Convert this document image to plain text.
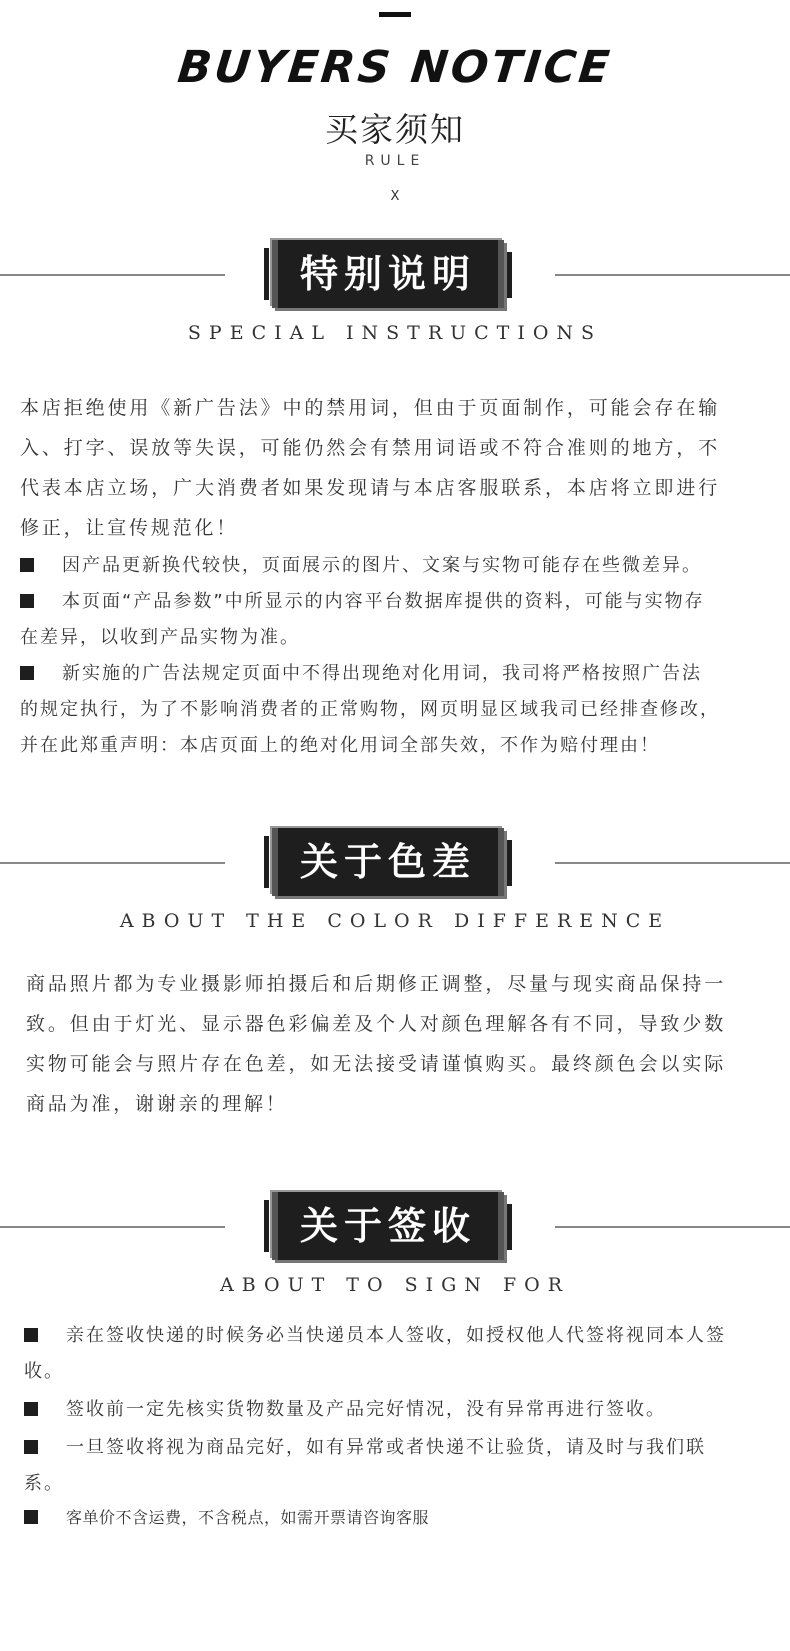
BUYERS NOTICE
买家须知
RULE
X
特别说明
SPECIAL INSTRUCTIONS

本店拒绝使用《新广告法》中的禁用词，但由于页面制作，可能会存在输入、打字、误放等失误，可能仍然会有禁用词语或不符合准则的地方，不代表本店立场，广大消费者如果发现请与本店客服联系，本店将立即进行修正，让宣传规范化！

因产品更新换代较快，页面展示的图片、文案与实物可能存在些微差异。
本页面“产品参数”中所显示的内容平台数据库提供的资料，可能与实物存在差异，以收到产品实物为准。
新实施的广告法规定页面中不得出现绝对化用词，我司将严格按照广告法的规定执行，为了不影响消费者的正常购物，网页明显区域我司已经排查修改，并在此郑重声明：本店页面上的绝对化用词全部失效，不作为赔付理由！
关于色差
ABOUT THE COLOR DIFFERENCE

商品照片都为专业摄影师拍摄后和后期修正调整，尽量与现实商品保持一致。但由于灯光、显示器色彩偏差及个人对颜色理解各有不同，导致少数实物可能会与照片存在色差，如无法接受请谨慎购买。最终颜色会以实际商品为准，谢谢亲的理解！

关于签收
ABOUT TO SIGN FOR
亲在签收快递的时候务必当快递员本人签收，如授权他人代签将视同本人签收。
签收前一定先核实货物数量及产品完好情况，没有异常再进行签收。
一旦签收将视为商品完好，如有异常或者快递不让验货，请及时与我们联系。
客单价不含运费，不含税点，如需开票请咨询客服
